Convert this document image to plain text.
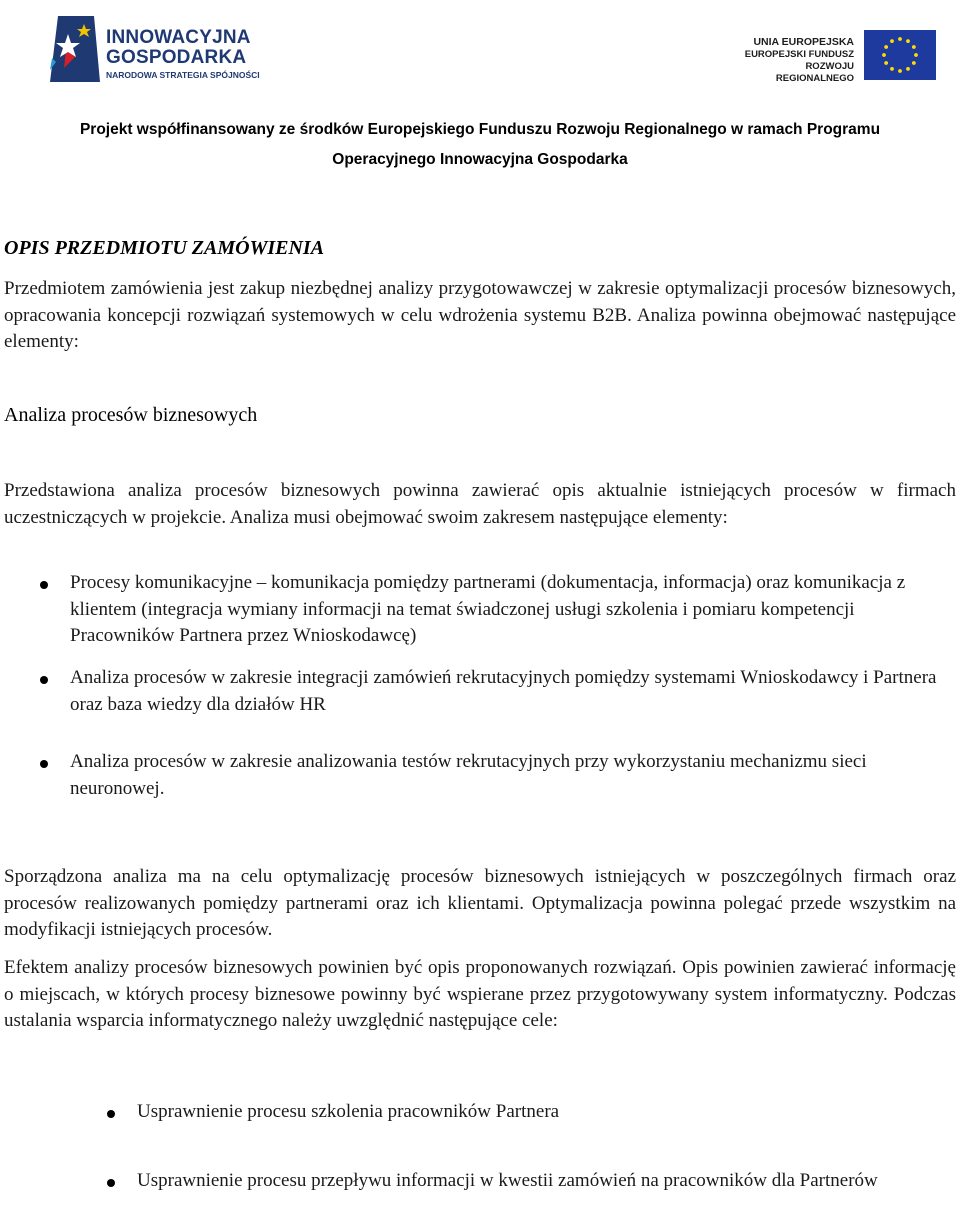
INNOWACYJNA
GOSPODARKA
NARODOWA STRATEGIA SPÓJNOŚCI
UNIA EUROPEJSKA
EUROPEJSKI FUNDUSZ
ROZWOJU REGIONALNEGO
Projekt współfinansowany ze środków Europejskiego Funduszu Rozwoju Regionalnego w ramach Programu
Operacyjnego Innowacyjna Gospodarka
OPIS PRZEDMIOTU ZAMÓWIENIA
Przedmiotem zamówienia jest zakup niezbędnej analizy przygotowawczej w zakresie optymalizacji procesów biznesowych, opracowania koncepcji rozwiązań systemowych w celu wdrożenia systemu B2B. Analiza powinna obejmować następujące elementy:
Analiza procesów biznesowych
Przedstawiona analiza procesów biznesowych powinna zawierać opis aktualnie istniejących procesów w firmach uczestniczących w projekcie. Analiza musi obejmować swoim zakresem następujące elementy:
Procesy komunikacyjne – komunikacja pomiędzy partnerami (dokumentacja, informacja) oraz komunikacja z klientem (integracja wymiany informacji na temat świadczonej usługi szkolenia i pomiaru kompetencji Pracowników Partnera przez Wnioskodawcę)
Analiza procesów w zakresie integracji zamówień rekrutacyjnych pomiędzy systemami Wnioskodawcy i Partnera oraz baza wiedzy dla działów HR
Analiza procesów w zakresie analizowania testów rekrutacyjnych przy wykorzystaniu mechanizmu sieci neuronowej.
Sporządzona analiza ma na celu optymalizację procesów biznesowych istniejących w poszczególnych firmach oraz procesów realizowanych pomiędzy partnerami oraz ich klientami. Optymalizacja powinna polegać przede wszystkim na modyfikacji istniejących procesów.
Efektem analizy procesów biznesowych powinien być opis proponowanych rozwiązań. Opis powinien zawierać informację o miejscach, w których procesy biznesowe powinny być wspierane przez przygotowywany system informatyczny. Podczas ustalania wsparcia informatycznego należy uwzględnić następujące cele:
Usprawnienie procesu szkolenia pracowników Partnera
Usprawnienie procesu przepływu informacji w kwestii zamówień na pracowników dla Partnerów
